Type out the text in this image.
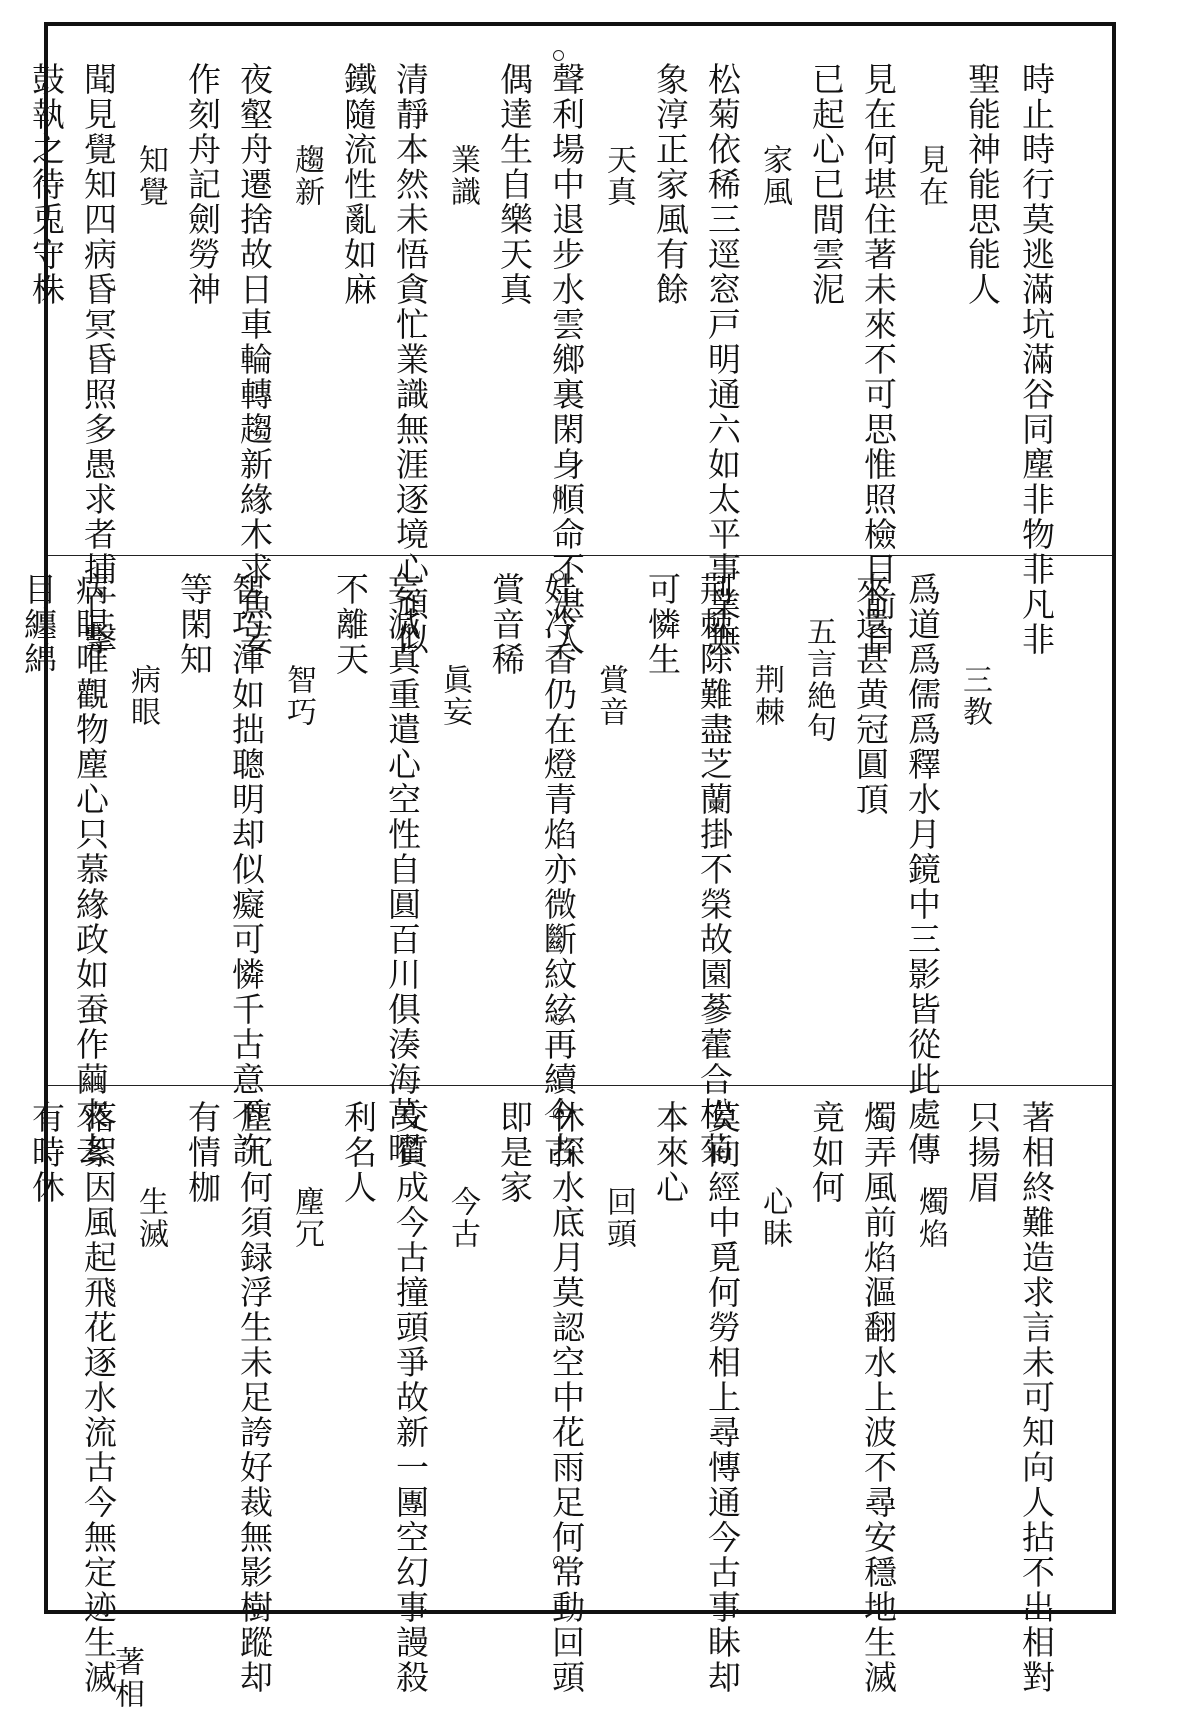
時止時行莫逃滿坑滿谷同塵非物非凡非
聖能神能思能人
見在
見在何堪住著未來不可思惟照檢目前自
已起心已間雲泥
家風
松菊依稀三逕窓戸明通六如太平事業無
象淳正家風有餘
天真
聲利場中退步水雲鄉裏閑身順命不湛人
偶達生自樂天真
業識
清靜本然未悟貪忙業識無涯逐境心頑似
鐵隨流性亂如麻
趨新
夜壑舟遷捨故日車輪轉趨新緣木求魚妄
作刻舟記劍勞神
知覺
聞見覺知四病昏冥昏照多愚求者捕亡擊
鼓執之待兎守株
三教
爲道爲儒爲釋水月鏡中三影皆從此處傳
來還甚黄冠圓頂
五言絶句
荆棘
荆棘除難盡芝蘭掛不榮故園蔘藿合松菊
可憐生
賞音
娃冷香仍在燈青焰亦微斷紋絃再續今古
賞音稀
眞妄
妄滅真重遣心空性自圓百川俱湊海萬曜
不離天
智巧
智巧渾如拙聰明却似癡可憐千古意不許
等閑知
病眼
病眼唯觀物塵心只慕緣政如蚕作繭來去
目纏綿
著相	著相終難造求言未可知向人拈不出相對
只揚眉
燭焰
燭弄風前焰漚翻水上波不尋安穩地生滅
竟如何
心眛
莫向經中覓何勞相上尋慱通今古事眛却
本來心
回頭
休探水底月莫認空中花雨足何常動回頭
即是家
今古
交質成今古撞頭爭故新一團空幻事謾殺
利名人
塵冗
塵冗何須録浮生未足誇好裁無影樹蹤却
有情枷
生滅
落絮因風起飛花逐水流古今無定迹生滅
有時休
